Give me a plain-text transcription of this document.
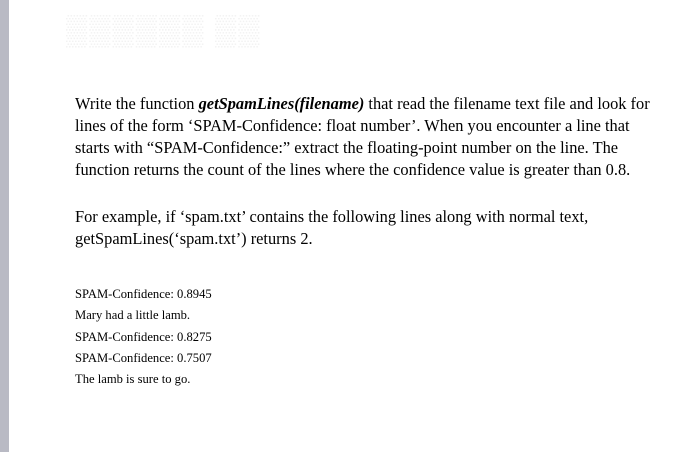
▒▒▒▒▒▒ ▒▒

Write the function getSpamLines(filename) that read the filename text file and look for lines of the form ‘SPAM-Confidence: float number’. When you encounter a line that starts with “SPAM-Confidence:” extract the floating-point number on the line. The function returns the count of the lines where the confidence value is greater than 0.8.

For example, if ‘spam.txt’ contains the following lines along with normal text, getSpamLines(‘spam.txt’) returns 2.

SPAM-Confidence: 0.8945
Mary had a little lamb.
SPAM-Confidence: 0.8275
SPAM-Confidence: 0.7507
The lamb is sure to go.
